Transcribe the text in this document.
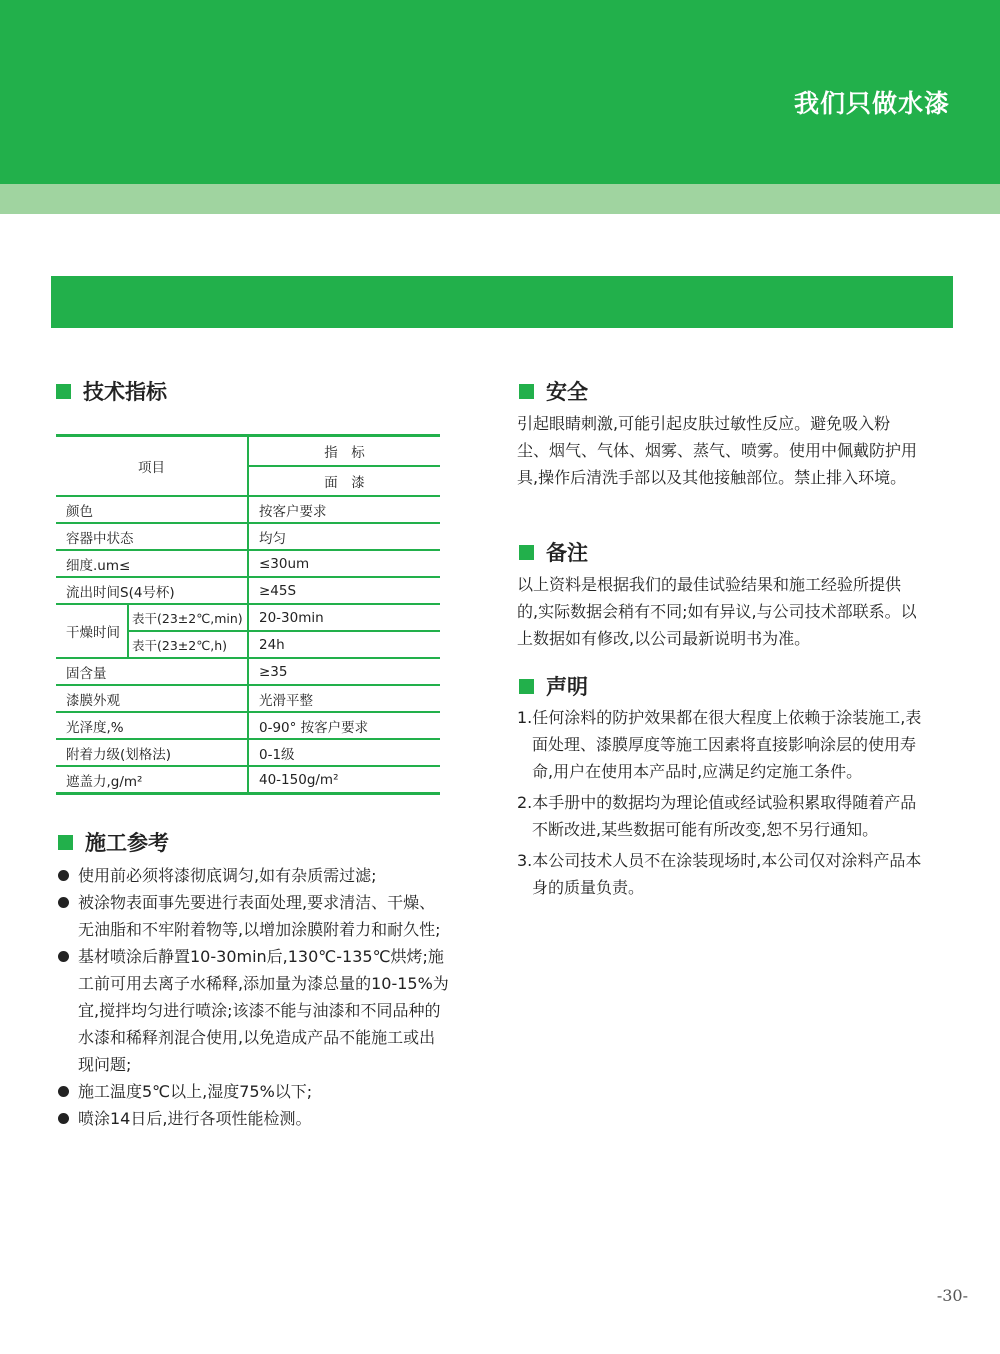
我们只做水漆
技术指标
项目		指　标
		面　漆
颜色		按客户要求
容器中状态		均匀
细度.um≤		≤30um
流出时间S(4号杯)		≥45S
干燥时间	表干(23±2℃,min)	20-30min
	表干(23±2℃,h)	24h
固含量		≥35
漆膜外观		光滑平整
光泽度,%		0-90° 按客户要求
附着力级(划格法)		0-1级
遮盖力,g/m²		40-150g/m²
施工参考
使用前必须将漆彻底调匀,如有杂质需过滤;
被涂物表面事先要进行表面处理,要求清洁、干燥、无油脂和不牢附着物等,以增加涂膜附着力和耐久性;
基材喷涂后静置10-30min后,130℃-135℃烘烤;施工前可用去离子水稀释,添加量为漆总量的10-15%为宜,搅拌均匀进行喷涂;该漆不能与油漆和不同品种的水漆和稀释剂混合使用,以免造成产品不能施工或出现问题;
施工温度5℃以上,湿度75%以下;
喷涂14日后,进行各项性能检测。
安全

引起眼睛刺激,可能引起皮肤过敏性反应。避免吸入粉尘、烟气、气体、烟雾、蒸气、喷雾。使用中佩戴防护用具,操作后清洗手部以及其他接触部位。禁止排入环境。

备注

以上资料是根据我们的最佳试验结果和施工经验所提供的,实际数据会稍有不同;如有异议,与公司技术部联系。以上数据如有修改,以公司最新说明书为准。

声明
1.任何涂料的防护效果都在很大程度上依赖于涂装施工,表面处理、漆膜厚度等施工因素将直接影响涂层的使用寿命,用户在使用本产品时,应满足约定施工条件。
2.本手册中的数据均为理论值或经试验积累取得随着产品不断改进,某些数据可能有所改变,恕不另行通知。
3.本公司技术人员不在涂装现场时,本公司仅对涂料产品本身的质量负责。
-30-
